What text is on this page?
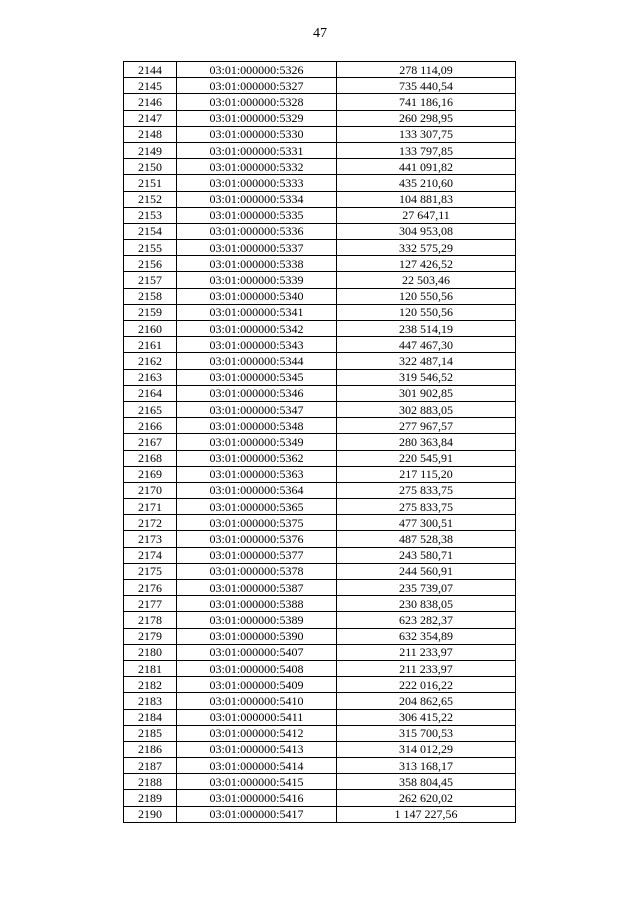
47
2144	03:01:000000:5326	278 114,09
2145	03:01:000000:5327	735 440,54
2146	03:01:000000:5328	741 186,16
2147	03:01:000000:5329	260 298,95
2148	03:01:000000:5330	133 307,75
2149	03:01:000000:5331	133 797,85
2150	03:01:000000:5332	441 091,82
2151	03:01:000000:5333	435 210,60
2152	03:01:000000:5334	104 881,83
2153	03:01:000000:5335	27 647,11
2154	03:01:000000:5336	304 953,08
2155	03:01:000000:5337	332 575,29
2156	03:01:000000:5338	127 426,52
2157	03:01:000000:5339	22 503,46
2158	03:01:000000:5340	120 550,56
2159	03:01:000000:5341	120 550,56
2160	03:01:000000:5342	238 514,19
2161	03:01:000000:5343	447 467,30
2162	03:01:000000:5344	322 487,14
2163	03:01:000000:5345	319 546,52
2164	03:01:000000:5346	301 902,85
2165	03:01:000000:5347	302 883,05
2166	03:01:000000:5348	277 967,57
2167	03:01:000000:5349	280 363,84
2168	03:01:000000:5362	220 545,91
2169	03:01:000000:5363	217 115,20
2170	03:01:000000:5364	275 833,75
2171	03:01:000000:5365	275 833,75
2172	03:01:000000:5375	477 300,51
2173	03:01:000000:5376	487 528,38
2174	03:01:000000:5377	243 580,71
2175	03:01:000000:5378	244 560,91
2176	03:01:000000:5387	235 739,07
2177	03:01:000000:5388	230 838,05
2178	03:01:000000:5389	623 282,37
2179	03:01:000000:5390	632 354,89
2180	03:01:000000:5407	211 233,97
2181	03:01:000000:5408	211 233,97
2182	03:01:000000:5409	222 016,22
2183	03:01:000000:5410	204 862,65
2184	03:01:000000:5411	306 415,22
2185	03:01:000000:5412	315 700,53
2186	03:01:000000:5413	314 012,29
2187	03:01:000000:5414	313 168,17
2188	03:01:000000:5415	358 804,45
2189	03:01:000000:5416	262 620,02
2190	03:01:000000:5417	1 147 227,56
